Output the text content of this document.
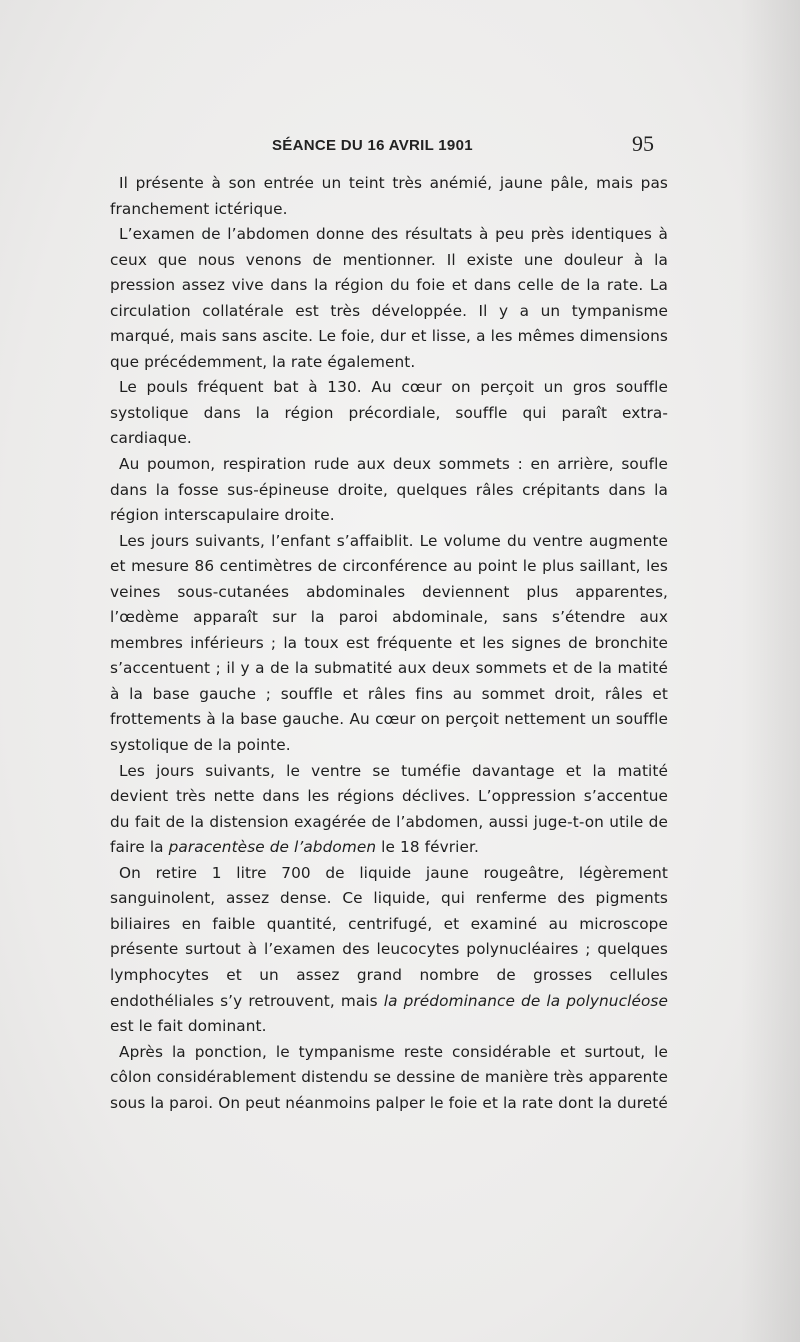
SÉANCE DU 16 AVRIL 1901	95

Il présente à son entrée un teint très anémié, jaune pâle, mais pas franchement ictérique.

L’examen de l’abdomen donne des résultats à peu près identiques à ceux que nous venons de mentionner. Il existe une douleur à la pression assez vive dans la région du foie et dans celle de la rate. La circulation collatérale est très développée. Il y a un tympanisme marqué, mais sans ascite. Le foie, dur et lisse, a les mêmes dimensions que précédemment, la rate également.

Le pouls fréquent bat à 130. Au cœur on perçoit un gros souffle systolique dans la région précordiale, souffle qui paraît extra-cardiaque.

Au poumon, respiration rude aux deux sommets : en arrière, soufle dans la fosse sus-épineuse droite, quelques râles crépitants dans la région interscapulaire droite.

Les jours suivants, l’enfant s’affaiblit. Le volume du ventre augmente et mesure 86 centimètres de circonférence au point le plus saillant, les veines sous-cutanées abdominales deviennent plus apparentes, l’œdème apparaît sur la paroi abdominale, sans s’étendre aux membres inférieurs ; la toux est fréquente et les signes de bronchite s’accentuent ; il y a de la submatité aux deux sommets et de la matité à la base gauche ; souffle et râles fins au sommet droit, râles et frottements à la base gauche. Au cœur on perçoit nettement un souffle systolique de la pointe.

Les jours suivants, le ventre se tuméfie davantage et la matité devient très nette dans les régions déclives. L’oppression s’accentue du fait de la distension exagérée de l’abdomen, aussi juge-t-on utile de faire la paracentèse de l’abdomen le 18 février.

On retire 1 litre 700 de liquide jaune rougeâtre, légèrement sanguinolent, assez dense. Ce liquide, qui renferme des pigments biliaires en faible quantité, centrifugé, et examiné au microscope présente surtout à l’examen des leucocytes polynucléaires ; quelques lymphocytes et un assez grand nombre de grosses cellules endothéliales s’y retrouvent, mais la prédominance de la polynucléose est le fait dominant.

Après la ponction, le tympanisme reste considérable et surtout, le côlon considérablement distendu se dessine de manière très apparente sous la paroi. On peut néanmoins palper le foie et la rate dont la dureté
